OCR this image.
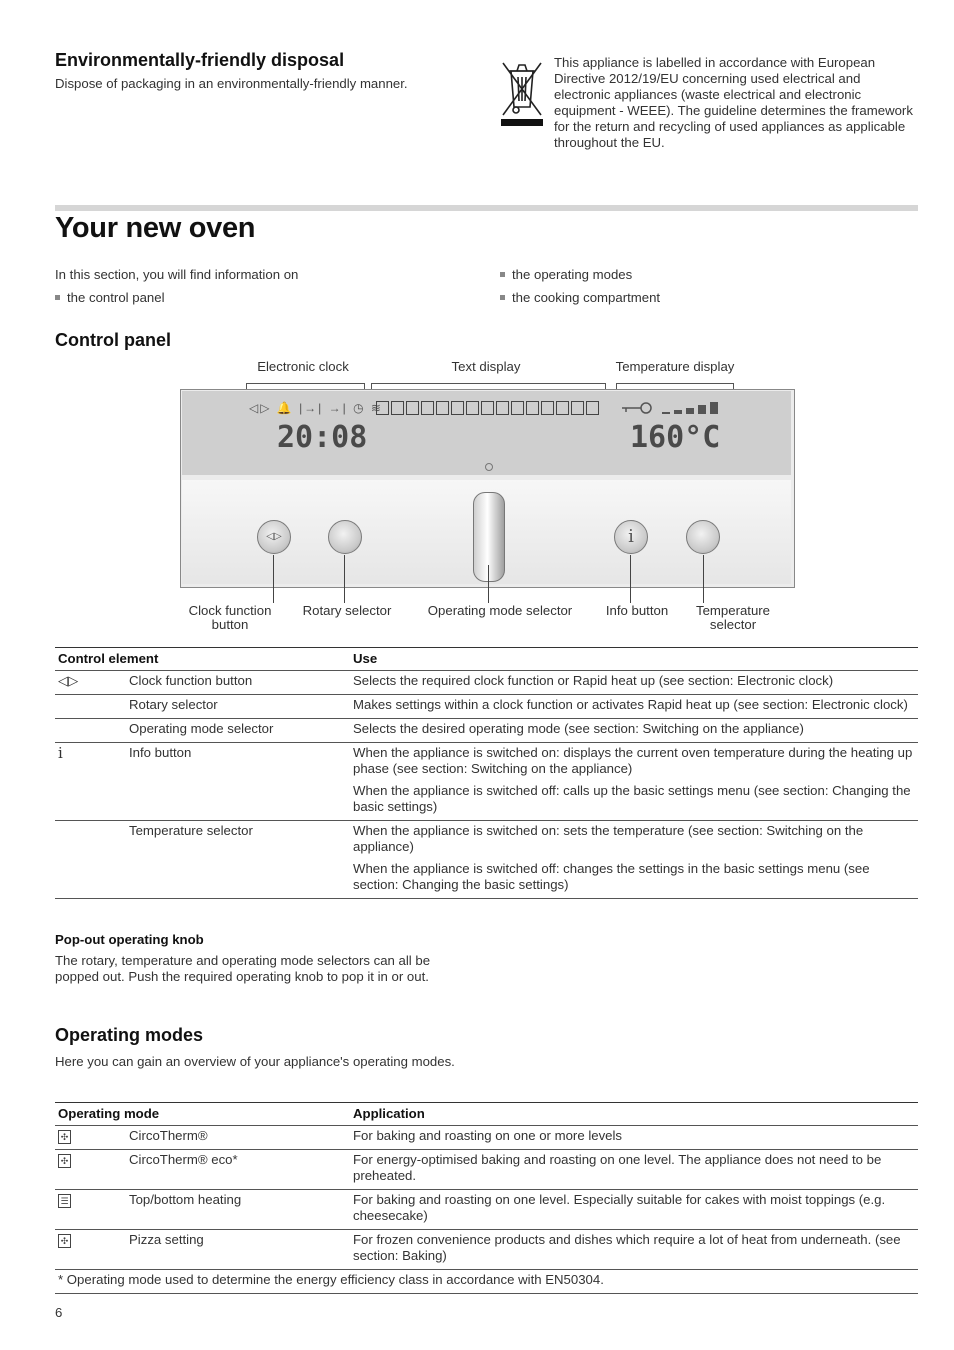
Environmentally-friendly disposal

Dispose of packaging in an environmentally-friendly manner.

This appliance is labelled in accordance with European Directive 2012/19/EU concerning used electrical and electronic appliances (waste electrical and electronic equipment - WEEE). The guideline determines the framework for the return and recycling of used appliances as applicable throughout the EU.

Your new oven

In this section, you will find information on

the control panel
the operating modes
the cooking compartment
Control panel
Electronic clock	Text display	Temperature display
◁▷ 🔔 |→| →| ◷ ≋
20:08	160°C
◁▷	i
Clock function button
Rotary selector	Operating mode selector	Info button	Temperature selector
Control element		Use
◁▷	Clock function button	Selects the required clock function or Rapid heat up (see section: Electronic clock)

	Rotary selector	Makes settings within a clock function or activates Rapid heat up (see section: Electronic clock)

	Operating mode selector	Selects the desired operating mode (see section: Switching on the appliance)

i	Info button	When the appliance is switched on: displays the current oven temperature during the heating up phase (see section: Switching on the appliance)
When the appliance is switched off: calls up the basic settings menu (see section: Changing the basic settings)

	Temperature selector	When the appliance is switched on: sets the temperature (see section: Switching on the appliance)
When the appliance is switched off: changes the settings in the basic settings menu (see section: Changing the basic settings)
Pop-out operating knob

The rotary, temperature and operating mode selectors can all be popped out. Push the required operating knob to pop it in or out.

Operating modes

Here you can gain an overview of your appliance's operating modes.

Operating mode		Application
✣	CircoTherm®	For baking and roasting on one or more levels
✣	CircoTherm® eco*	For energy-optimised baking and roasting on one level. The appliance does not need to be preheated.
☰	Top/bottom heating	For baking and roasting on one level. Especially suitable for cakes with moist toppings (e.g. cheesecake)
✣	Pizza setting	For frozen convenience products and dishes which require a lot of heat from underneath. (see section: Baking)
* Operating mode used to determine the energy efficiency class in accordance with EN50304.		
6
